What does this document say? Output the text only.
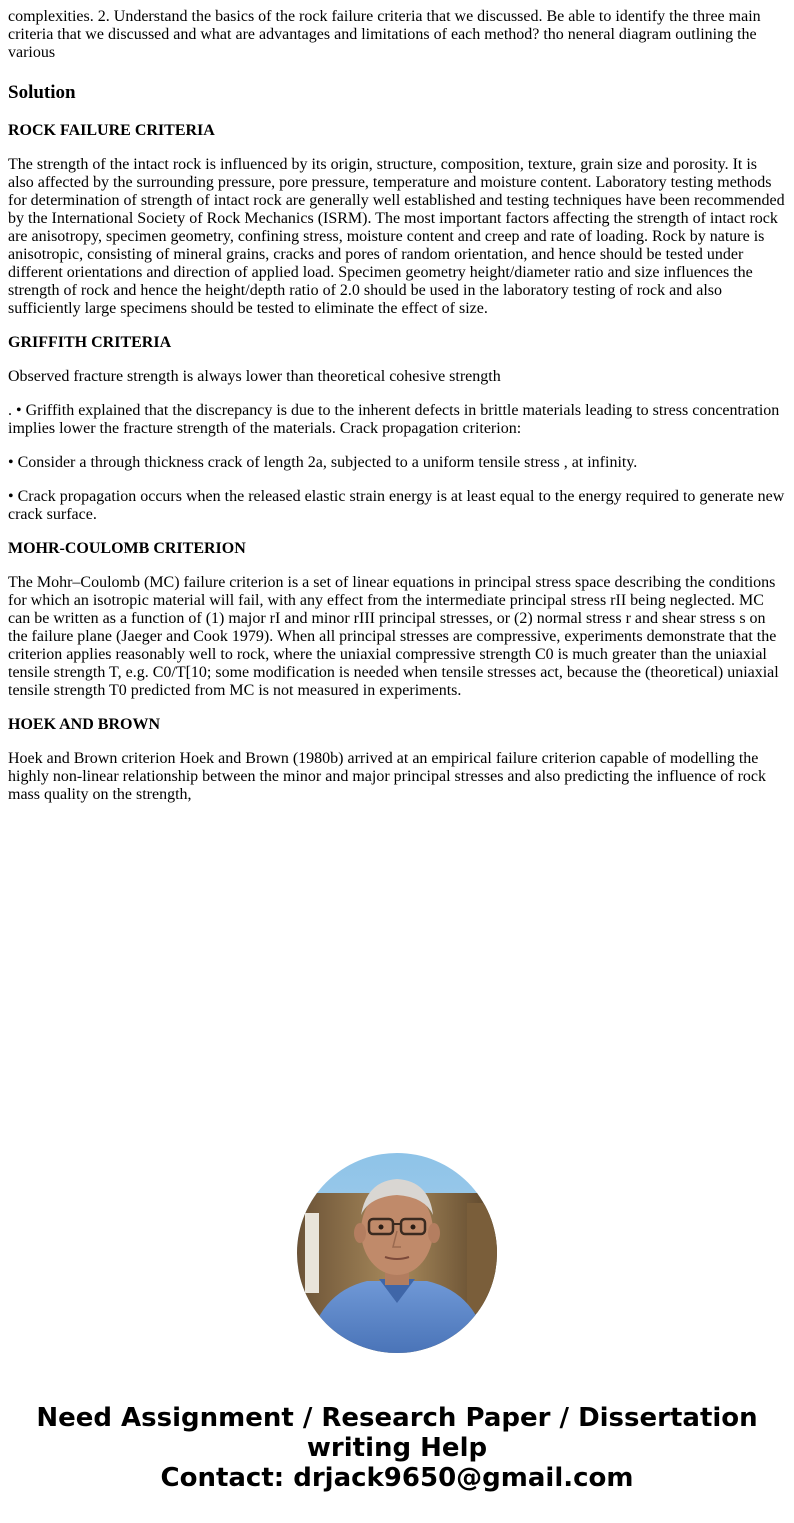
complexities. 2. Understand the basics of the rock failure criteria that we discussed. Be able to identify the three main criteria that we discussed and what are advantages and limitations of each method? tho neneral diagram outlining the various

Solution
ROCK FAILURE CRITERIA

The strength of the intact rock is influenced by its origin, structure, composition, texture, grain size and porosity. It is also affected by the surrounding pressure, pore pressure, temperature and moisture content. Laboratory testing methods for determination of strength of intact rock are generally well established and testing techniques have been recommended by the International Society of Rock Mechanics (ISRM). The most important factors affecting the strength of intact rock are anisotropy, specimen geometry, confining stress, moisture content and creep and rate of loading. Rock by nature is anisotropic, consisting of mineral grains, cracks and pores of random orientation, and hence should be tested under different orientations and direction of applied load. Specimen geometry height/diameter ratio and size influences the strength of rock and hence the height/depth ratio of 2.0 should be used in the laboratory testing of rock and also sufficiently large specimens should be tested to eliminate the effect of size.

GRIFFITH CRITERIA

Observed fracture strength is always lower than theoretical cohesive strength

. • Griffith explained that the discrepancy is due to the inherent defects in brittle materials leading to stress concentration implies lower the fracture strength of the materials. Crack propagation criterion:

• Consider a through thickness crack of length 2a, subjected to a uniform tensile stress , at infinity.

• Crack propagation occurs when the released elastic strain energy is at least equal to the energy required to generate new crack surface.

MOHR-COULOMB CRITERION

The Mohr–Coulomb (MC) failure criterion is a set of linear equations in principal stress space describing the conditions for which an isotropic material will fail, with any effect from the intermediate principal stress rII being neglected. MC can be written as a function of (1) major rI and minor rIII principal stresses, or (2) normal stress r and shear stress s on the failure plane (Jaeger and Cook 1979). When all principal stresses are compressive, experiments demonstrate that the criterion applies reasonably well to rock, where the uniaxial compressive strength C0 is much greater than the uniaxial tensile strength T, e.g. C0/T[10; some modification is needed when tensile stresses act, because the (theoretical) uniaxial tensile strength T0 predicted from MC is not measured in experiments.

HOEK AND BROWN

Hoek and Brown criterion Hoek and Brown (1980b) arrived at an empirical failure criterion capable of modelling the highly non-linear relationship between the minor and major principal stresses and also predicting the influence of rock mass quality on the strength,

Need Assignment / Research Paper / Dissertation
writing Help
Contact: drjack9650@gmail.com
